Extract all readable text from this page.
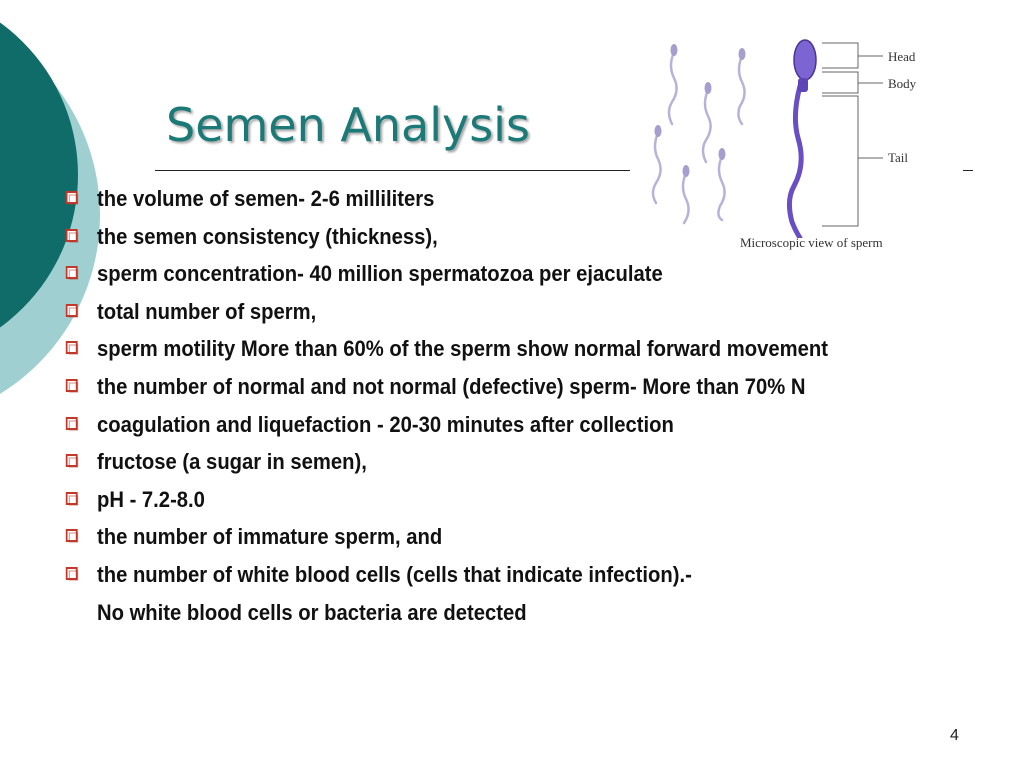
Semen Analysis
Head
Body
Tail
Microscopic view of sperm
the volume of semen- 2-6 milliliters
the semen consistency (thickness),
sperm concentration- 40 million spermatozoa per ejaculate
total number of sperm,
sperm motility More than 60% of the sperm show normal forward movement
the number of normal and not normal (defective) sperm- More than 70% N
coagulation and liquefaction - 20-30 minutes after collection
fructose (a sugar in semen),
pH - 7.2-8.0
the number of immature sperm, and
the number of white blood cells (cells that indicate infection).-
No white blood cells or bacteria are detected
4
